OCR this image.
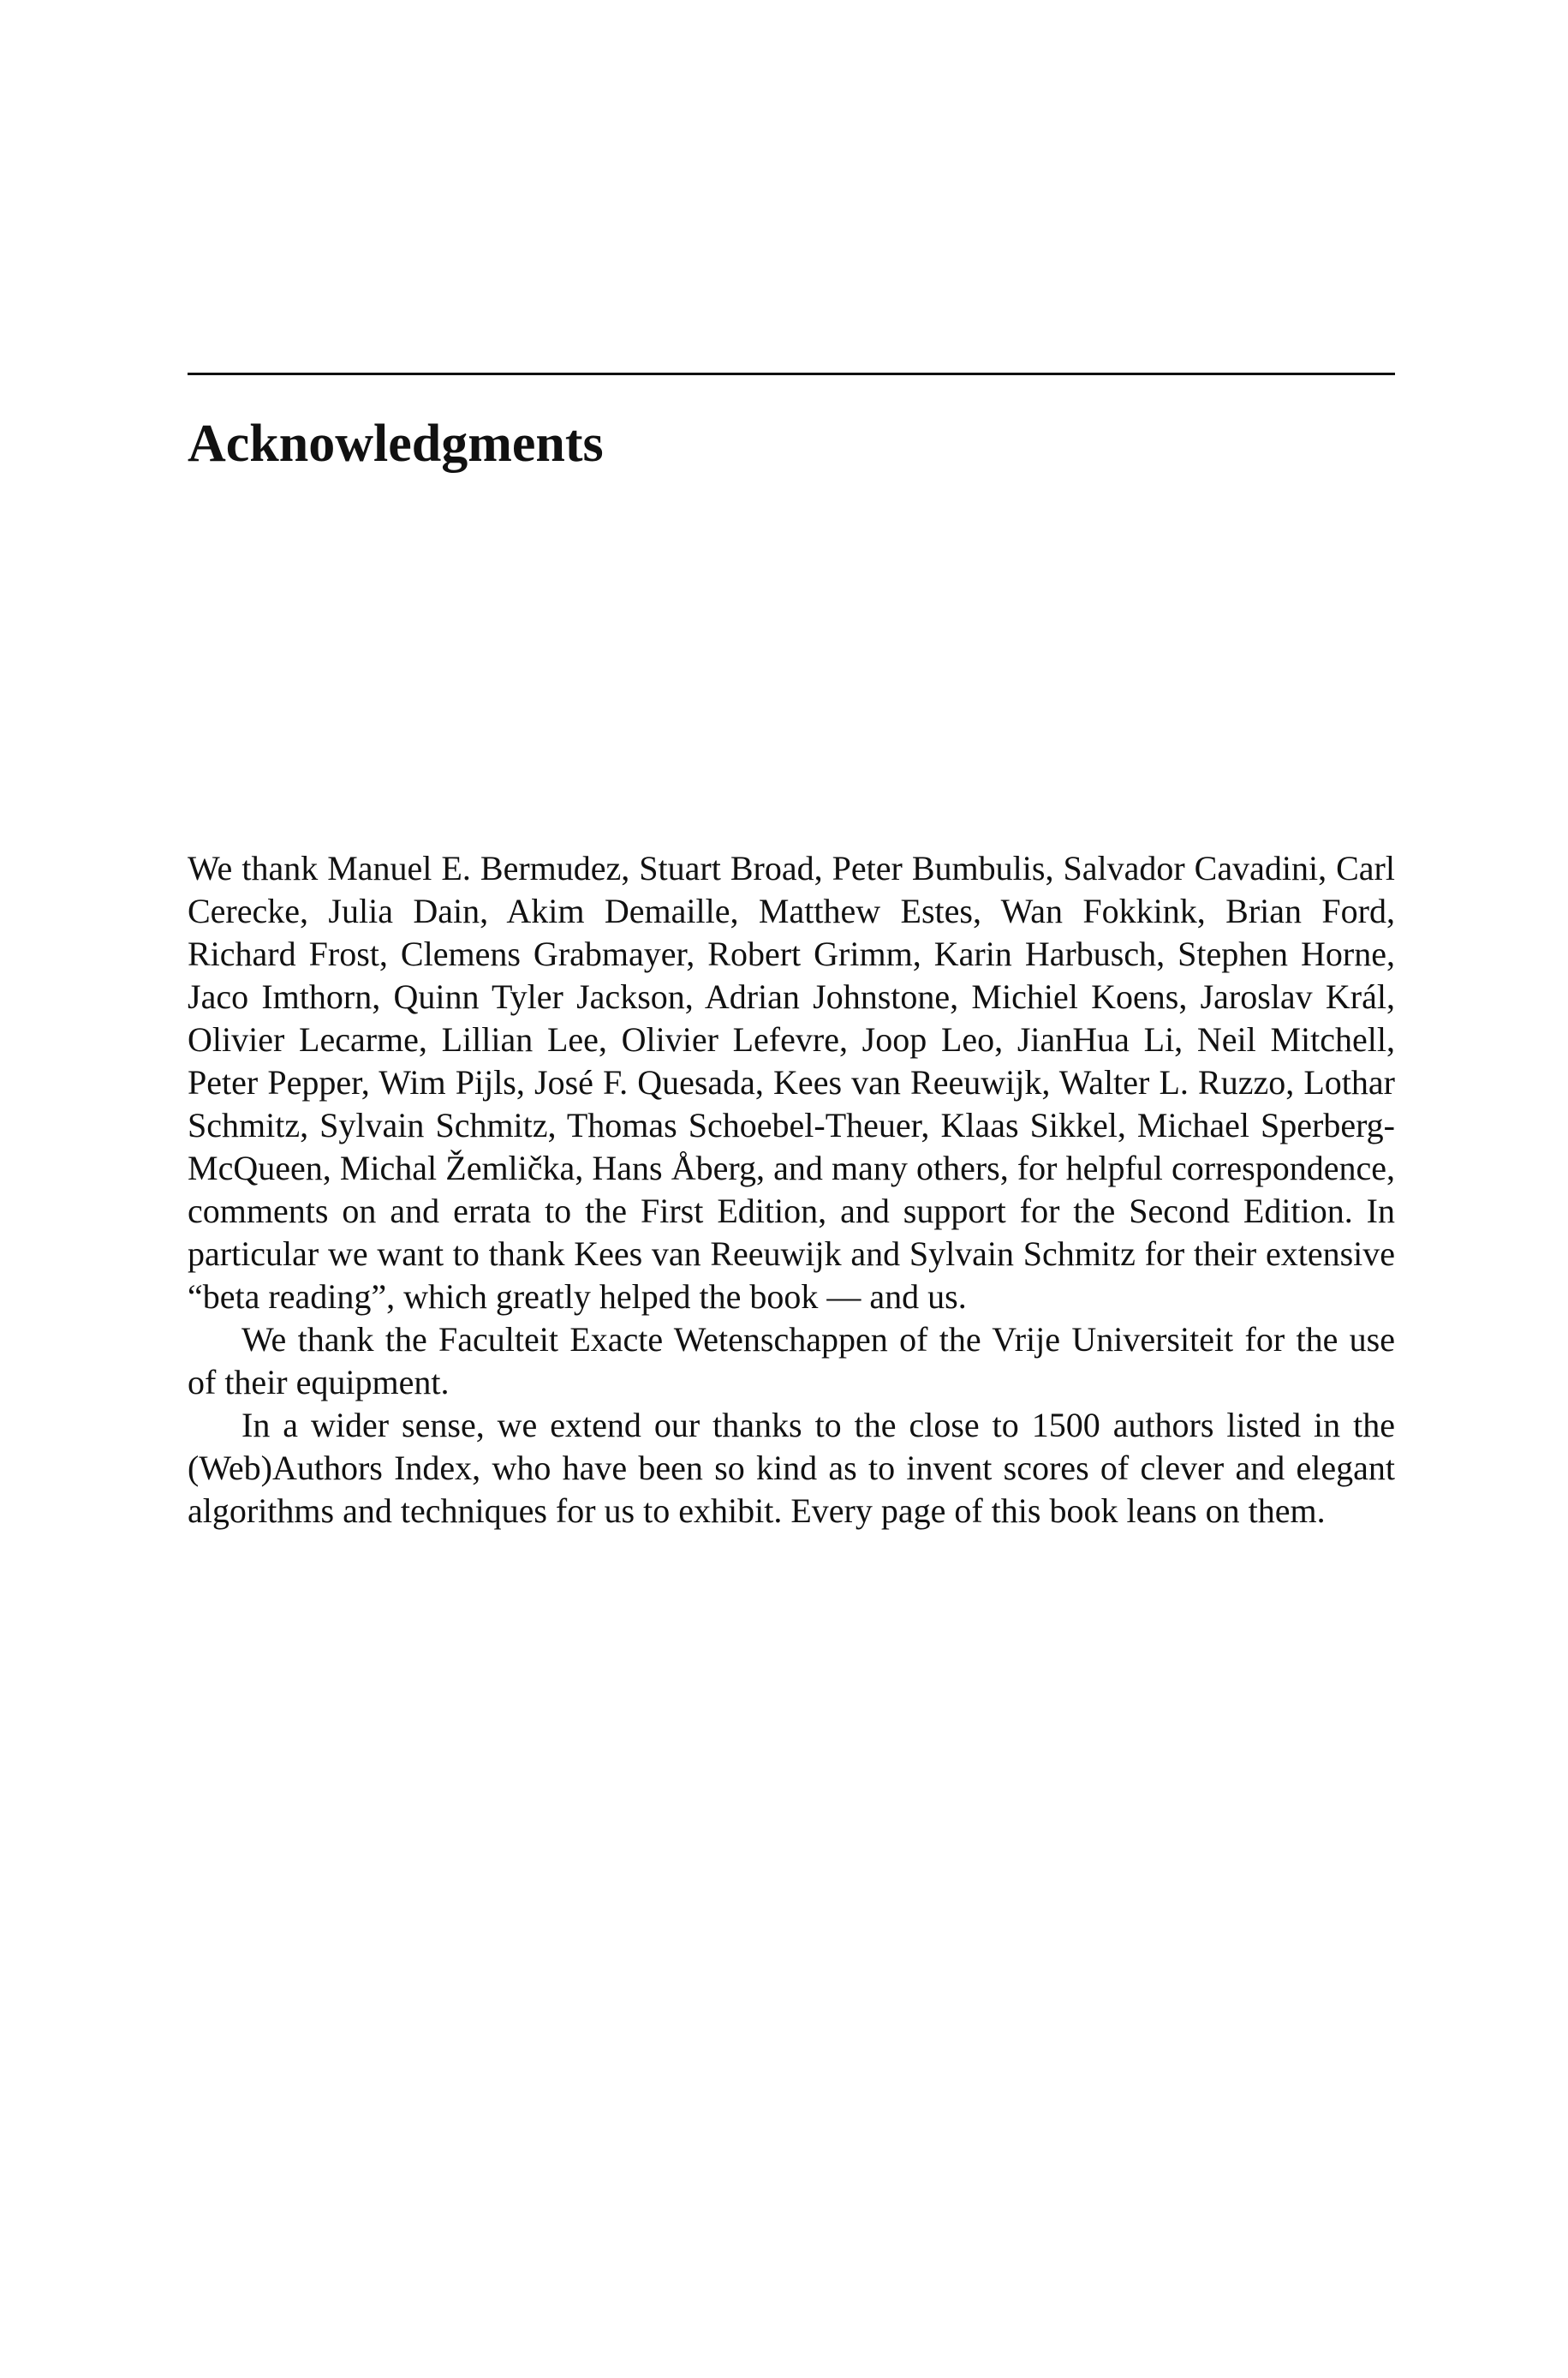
Acknowledgments

We thank Manuel E. Bermudez, Stuart Broad, Peter Bumbulis, Salvador Cavadini, Carl Cerecke, Julia Dain, Akim Demaille, Matthew Estes, Wan Fokkink, Brian Ford, Richard Frost, Clemens Grabmayer, Robert Grimm, Karin Harbusch, Stephen Horne, Jaco Imthorn, Quinn Tyler Jackson, Adrian Johnstone, Michiel Koens, Jaroslav Král, Olivier Lecarme, Lillian Lee, Olivier Lefevre, Joop Leo, JianHua Li, Neil Mitchell, Peter Pepper, Wim Pijls, José F. Quesada, Kees van Reeuwijk, Walter L. Ruzzo, Lothar Schmitz, Sylvain Schmitz, Thomas Schoebel-Theuer, Klaas Sikkel, Michael Sperberg-McQueen, Michal Žemlička, Hans Åberg, and many others, for helpful correspondence, comments on and errata to the First Edition, and support for the Second Edition. In particular we want to thank Kees van Reeuwijk and Sylvain Schmitz for their extensive “beta reading”, which greatly helped the book — and us.

We thank the Faculteit Exacte Wetenschappen of the Vrije Universiteit for the use of their equipment.

In a wider sense, we extend our thanks to the close to 1500 authors listed in the (Web)Authors Index, who have been so kind as to invent scores of clever and elegant algorithms and techniques for us to exhibit. Every page of this book leans on them.
